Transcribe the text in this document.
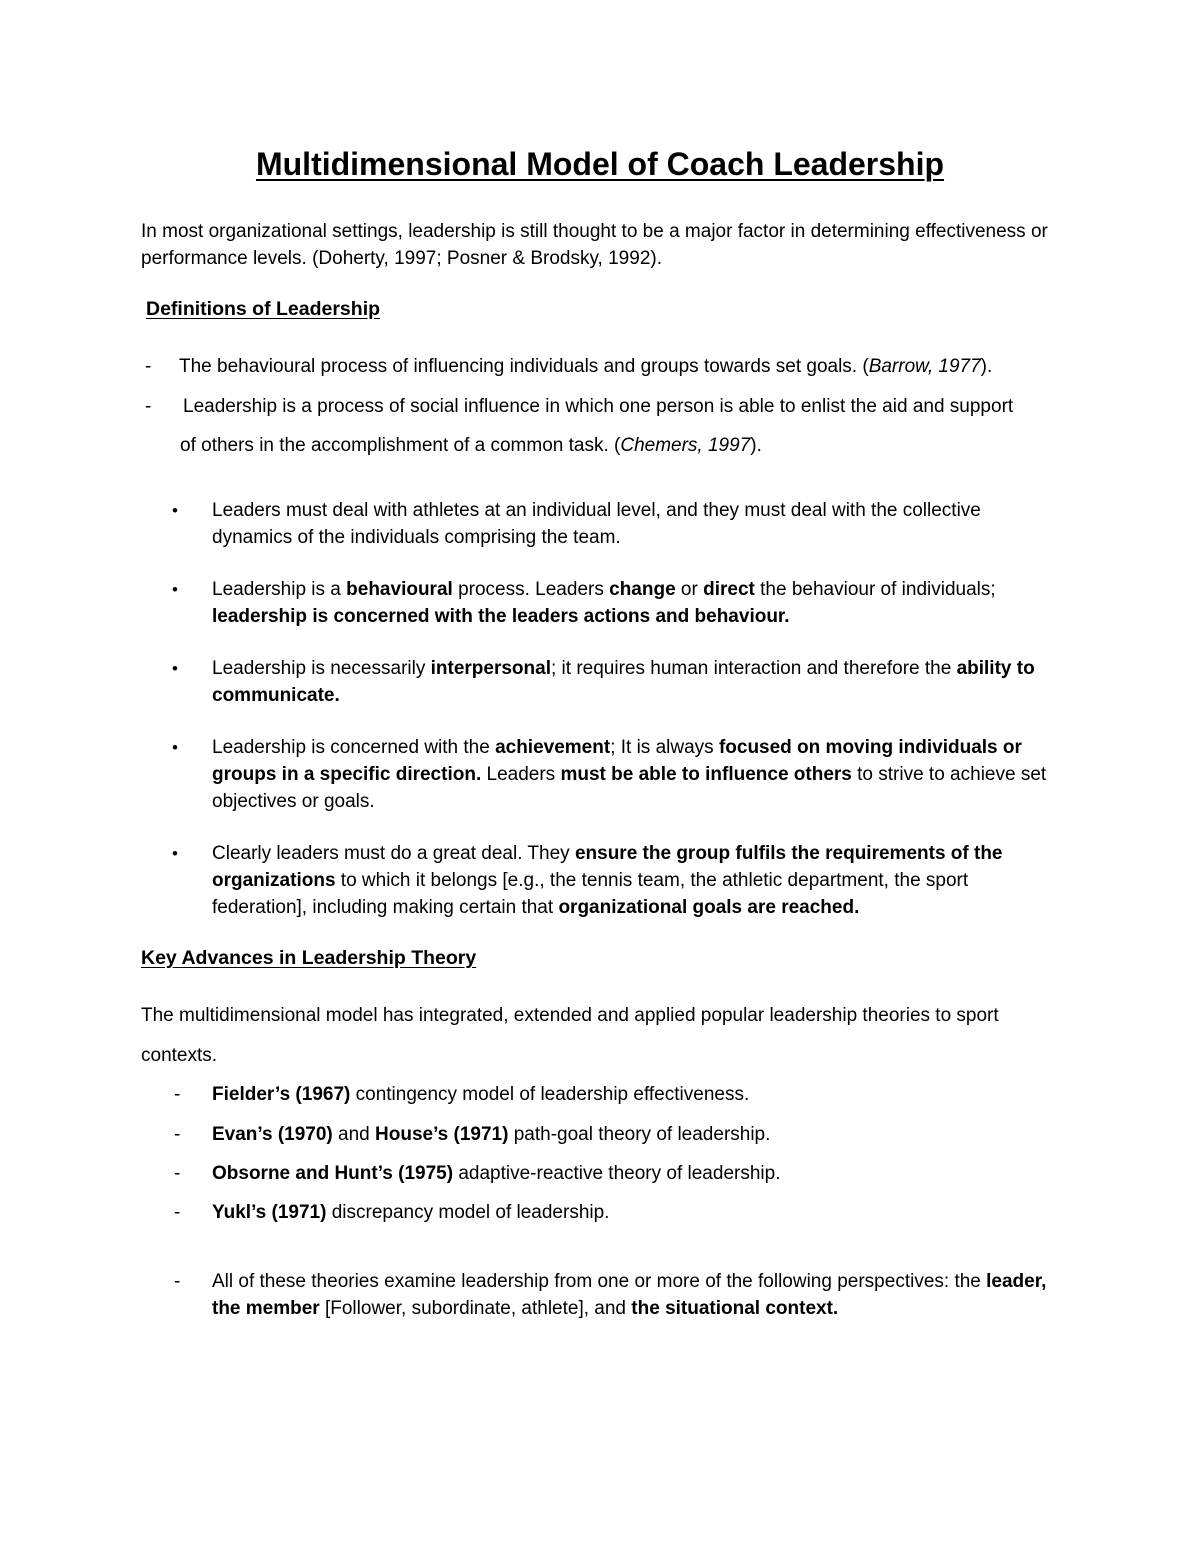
Multidimensional Model of Coach Leadership
In most organizational settings, leadership is still thought to be a major factor in determining effectiveness or performance levels. (Doherty, 1997; Posner & Brodsky, 1992).
Definitions of Leadership
- The behavioural process of influencing individuals and groups towards set goals. (Barrow, 1977).
- Leadership is a process of social influence in which one person is able to enlist the aid and support
of others in the accomplishment of a common task. (Chemers, 1997).
• Leaders must deal with athletes at an individual level, and they must deal with the collective dynamics of the individuals comprising the team.
• Leadership is a behavioural process. Leaders change or direct the behaviour of individuals; leadership is concerned with the leaders actions and behaviour.
• Leadership is necessarily interpersonal; it requires human interaction and therefore the ability to communicate.
• Leadership is concerned with the achievement; It is always focused on moving individuals or groups in a specific direction. Leaders must be able to influence others to strive to achieve set objectives or goals.
• Clearly leaders must do a great deal. They ensure the group fulfils the requirements of the organizations to which it belongs [e.g., the tennis team, the athletic department, the sport federation], including making certain that organizational goals are reached.
Key Advances in Leadership Theory
The multidimensional model has integrated, extended and applied popular leadership theories to sport
contexts.
- Fielder’s (1967) contingency model of leadership effectiveness.
- Evan’s (1970) and House’s (1971) path-goal theory of leadership.
- Obsorne and Hunt’s (1975) adaptive-reactive theory of leadership.
- Yukl’s (1971) discrepancy model of leadership.
- All of these theories examine leadership from one or more of the following perspectives: the leader, the member [Follower, subordinate, athlete], and the situational context.
